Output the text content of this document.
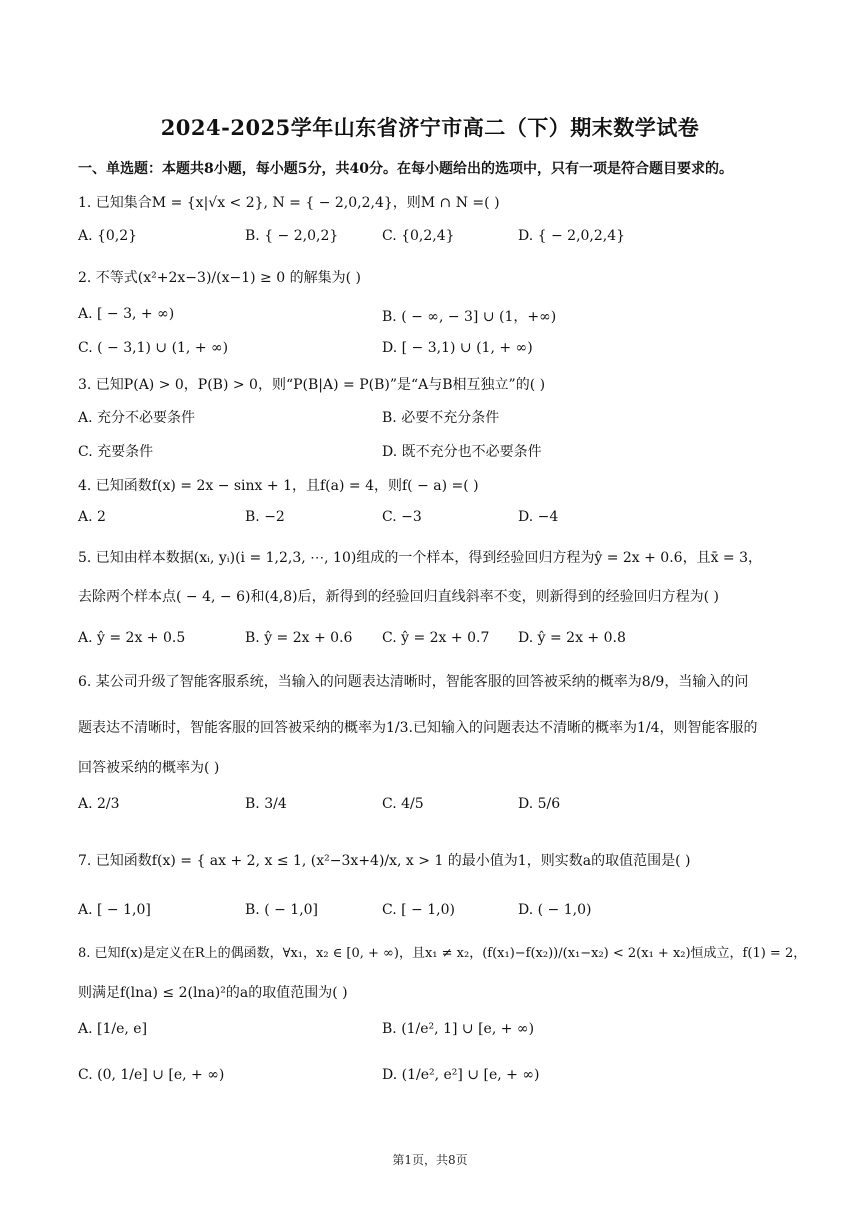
2024-2025学年山东省济宁市高二（下）期末数学试卷
一、单选题：本题共8小题，每小题5分，共40分。在每小题给出的选项中，只有一项是符合题目要求的。
1. 已知集合M = {x|√x < 2}, N = { − 2,0,2,4}，则M ∩ N =( )
A. {0,2}	B. { − 2,0,2}	C. {0,2,4}	D. { − 2,0,2,4}
2. 不等式(x²+2x−3)/(x−1) ≥ 0 的解集为( )
A. [ − 3, + ∞)	B. ( − ∞, − 3] ∪ (1，+∞)
C. ( − 3,1) ∪ (1, + ∞)	D. [ − 3,1) ∪ (1, + ∞)
3. 已知P(A) > 0，P(B) > 0，则“P(B|A) = P(B)”是“A与B相互独立”的( )
A. 充分不必要条件	B. 必要不充分条件
C. 充要条件	D. 既不充分也不必要条件
4. 已知函数f(x) = 2x − sinx + 1，且f(a) = 4，则f( − a) =( )
A. 2	B. −2	C. −3	D. −4
5. 已知由样本数据(xᵢ, yᵢ)(i = 1,2,3, ⋯, 10)组成的一个样本，得到经验回归方程为ŷ = 2x + 0.6，且x̄ = 3，
去除两个样本点( − 4, − 6)和(4,8)后，新得到的经验回归直线斜率不变，则新得到的经验回归方程为( )
A. ŷ = 2x + 0.5	B. ŷ = 2x + 0.6 C. ŷ = 2x + 0.7 D. ŷ = 2x + 0.8
6. 某公司升级了智能客服系统，当输入的问题表达清晰时，智能客服的回答被采纳的概率为8/9，当输入的问
题表达不清晰时，智能客服的回答被采纳的概率为1/3.已知输入的问题表达不清晰的概率为1/4，则智能客服的
回答被采纳的概率为( )
A. 2/3	B. 3/4	C. 4/5	D. 5/6
7. 已知函数f(x) = { ax + 2, x ≤ 1, (x²−3x+4)/x, x > 1 的最小值为1，则实数a的取值范围是( )
A. [ − 1,0]	B. ( − 1,0]	C. [ − 1,0)	D. ( − 1,0)
8. 已知f(x)是定义在R上的偶函数，∀x₁，x₂ ∈ [0, + ∞)，且x₁ ≠ x₂，(f(x₁)−f(x₂))/(x₁−x₂) < 2(x₁ + x₂)恒成立，f(1) = 2，
则满足f(lna) ≤ 2(lna)²的a的取值范围为( )
A. [1/e, e]	B. (1/e², 1] ∪ [e, + ∞)
C. (0, 1/e] ∪ [e, + ∞)	D. (1/e², e²] ∪ [e, + ∞)
第1页，共8页
